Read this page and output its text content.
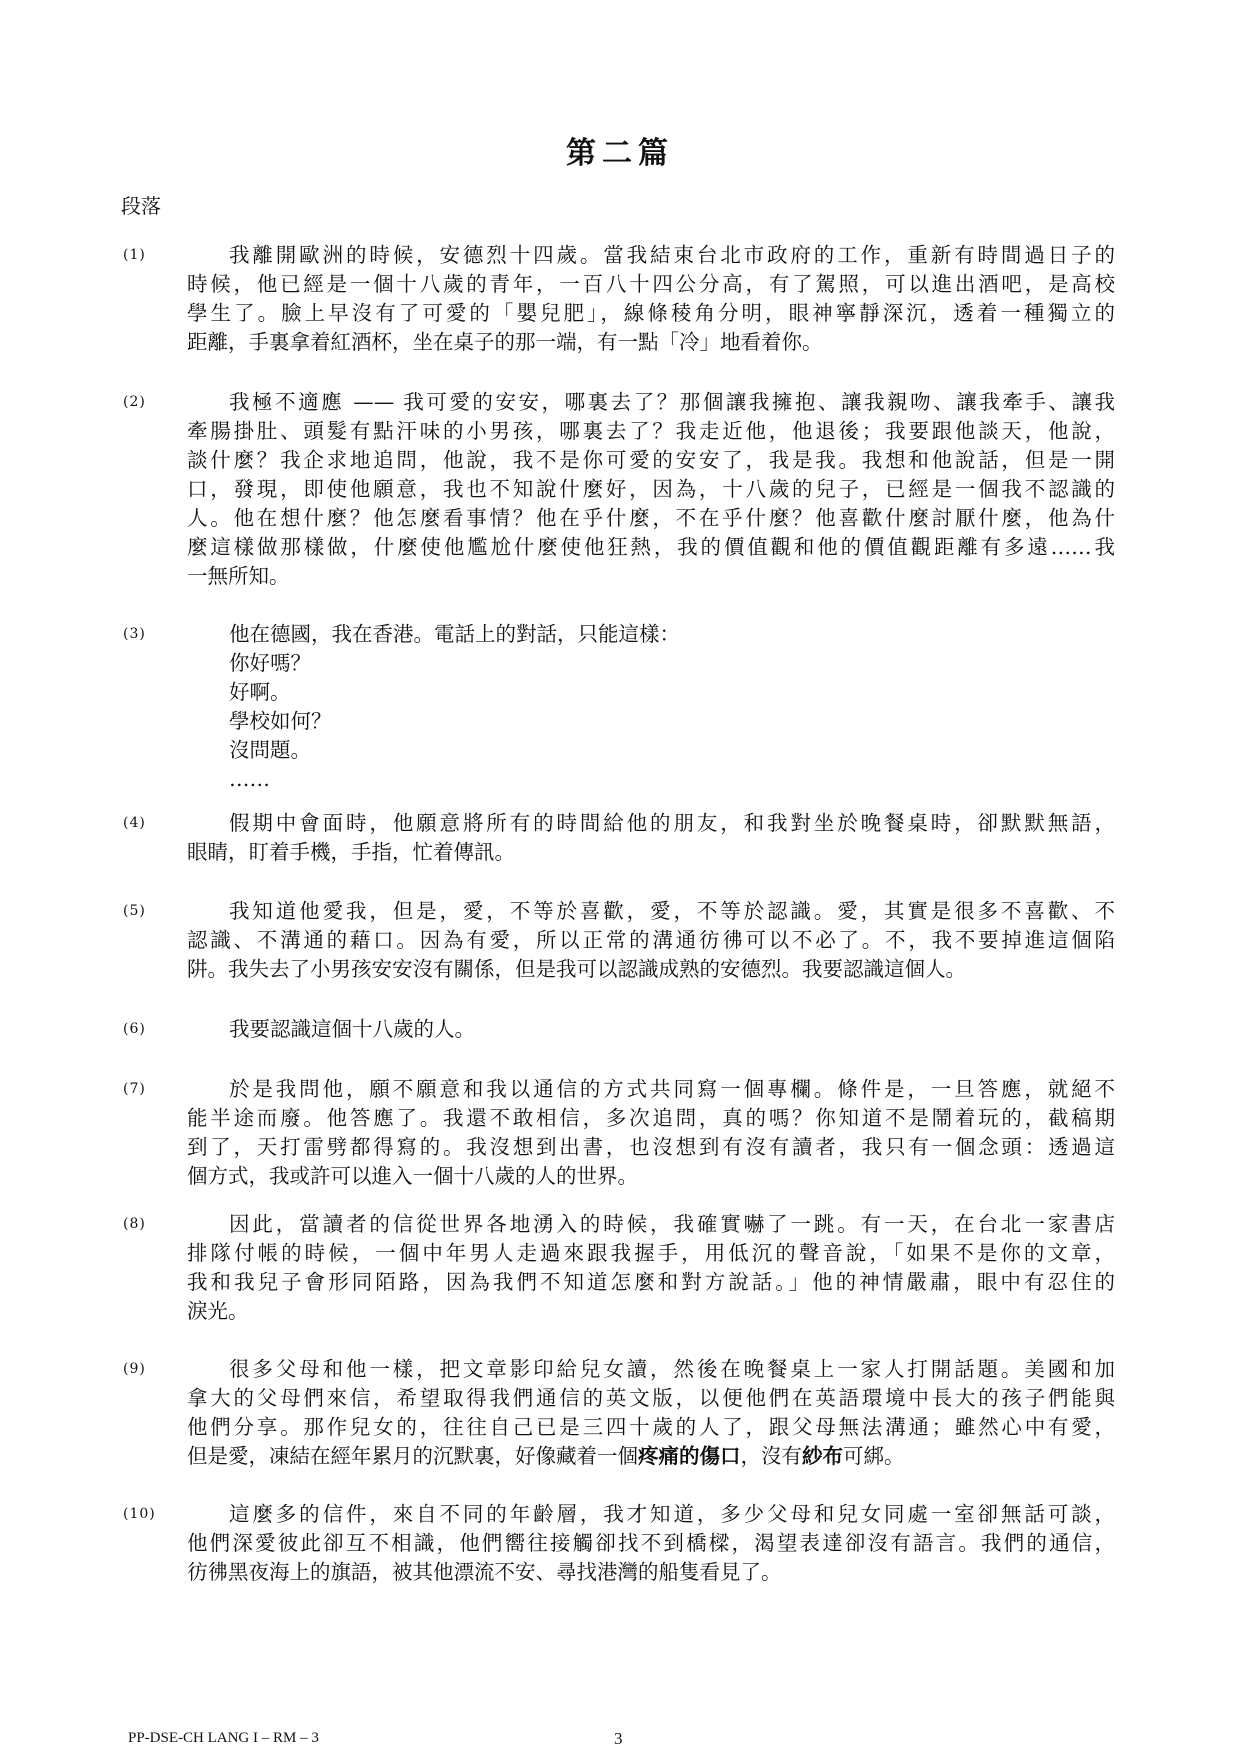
第二篇
段落
(1)	我離開歐洲的時候，安德烈十四歲。當我結束台北市政府的工作，重新有時間過日子的
時候，他已經是一個十八歲的青年，一百八十四公分高，有了駕照，可以進出酒吧，是高校
學生了。臉上早沒有了可愛的「嬰兒肥」，線條稜角分明，眼神寧靜深沉，透着一種獨立的
距離，手裏拿着紅酒杯，坐在桌子的那一端，有一點「冷」地看着你。
(2)	我極不適應 —— 我可愛的安安，哪裏去了？那個讓我擁抱、讓我親吻、讓我牽手、讓我
牽腸掛肚、頭髮有點汗味的小男孩，哪裏去了？我走近他，他退後；我要跟他談天，他說，
談什麼？我企求地追問，他說，我不是你可愛的安安了，我是我。我想和他說話，但是一開
口，發現，即使他願意，我也不知說什麼好，因為，十八歲的兒子，已經是一個我不認識的
人。他在想什麼？他怎麼看事情？他在乎什麼，不在乎什麼？他喜歡什麼討厭什麼，他為什
麼這樣做那樣做，什麼使他尷尬什麼使他狂熱，我的價值觀和他的價值觀距離有多遠……我
一無所知。
(3)	他在德國，我在香港。電話上的對話，只能這樣：
你好嗎？
好啊。
學校如何？
沒問題。
……
(4)	假期中會面時，他願意將所有的時間給他的朋友，和我對坐於晚餐桌時，卻默默無語，
眼睛，盯着手機，手指，忙着傳訊。
(5)	我知道他愛我，但是，愛，不等於喜歡，愛，不等於認識。愛，其實是很多不喜歡、不
認識、不溝通的藉口。因為有愛，所以正常的溝通彷彿可以不必了。不，我不要掉進這個陷
阱。我失去了小男孩安安沒有關係，但是我可以認識成熟的安德烈。我要認識這個人。
(6)	我要認識這個十八歲的人。
(7)	於是我問他，願不願意和我以通信的方式共同寫一個專欄。條件是，一旦答應，就絕不
能半途而廢。他答應了。我還不敢相信，多次追問，真的嗎？你知道不是鬧着玩的，截稿期
到了，天打雷劈都得寫的。我沒想到出書，也沒想到有沒有讀者，我只有一個念頭：透過這
個方式，我或許可以進入一個十八歲的人的世界。
(8)	因此，當讀者的信從世界各地湧入的時候，我確實嚇了一跳。有一天，在台北一家書店
排隊付帳的時候，一個中年男人走過來跟我握手，用低沉的聲音說，「如果不是你的文章，
我和我兒子會形同陌路，因為我們不知道怎麼和對方說話。」他的神情嚴肅，眼中有忍住的
淚光。
(9)	很多父母和他一樣，把文章影印給兒女讀，然後在晚餐桌上一家人打開話題。美國和加
拿大的父母們來信，希望取得我們通信的英文版，以便他們在英語環境中長大的孩子們能與
他們分享。那作兒女的，往往自己已是三四十歲的人了，跟父母無法溝通；雖然心中有愛，
但是愛，凍結在經年累月的沉默裏，好像藏着一個疼痛的傷口，沒有紗布可綁。
(10)	這麼多的信件，來自不同的年齡層，我才知道，多少父母和兒女同處一室卻無話可談，
他們深愛彼此卻互不相識，他們嚮往接觸卻找不到橋樑，渴望表達卻沒有語言。我們的通信，
彷彿黑夜海上的旗語，被其他漂流不安、尋找港灣的船隻看見了。
PP-DSE-CH LANG I – RM – 3	3
